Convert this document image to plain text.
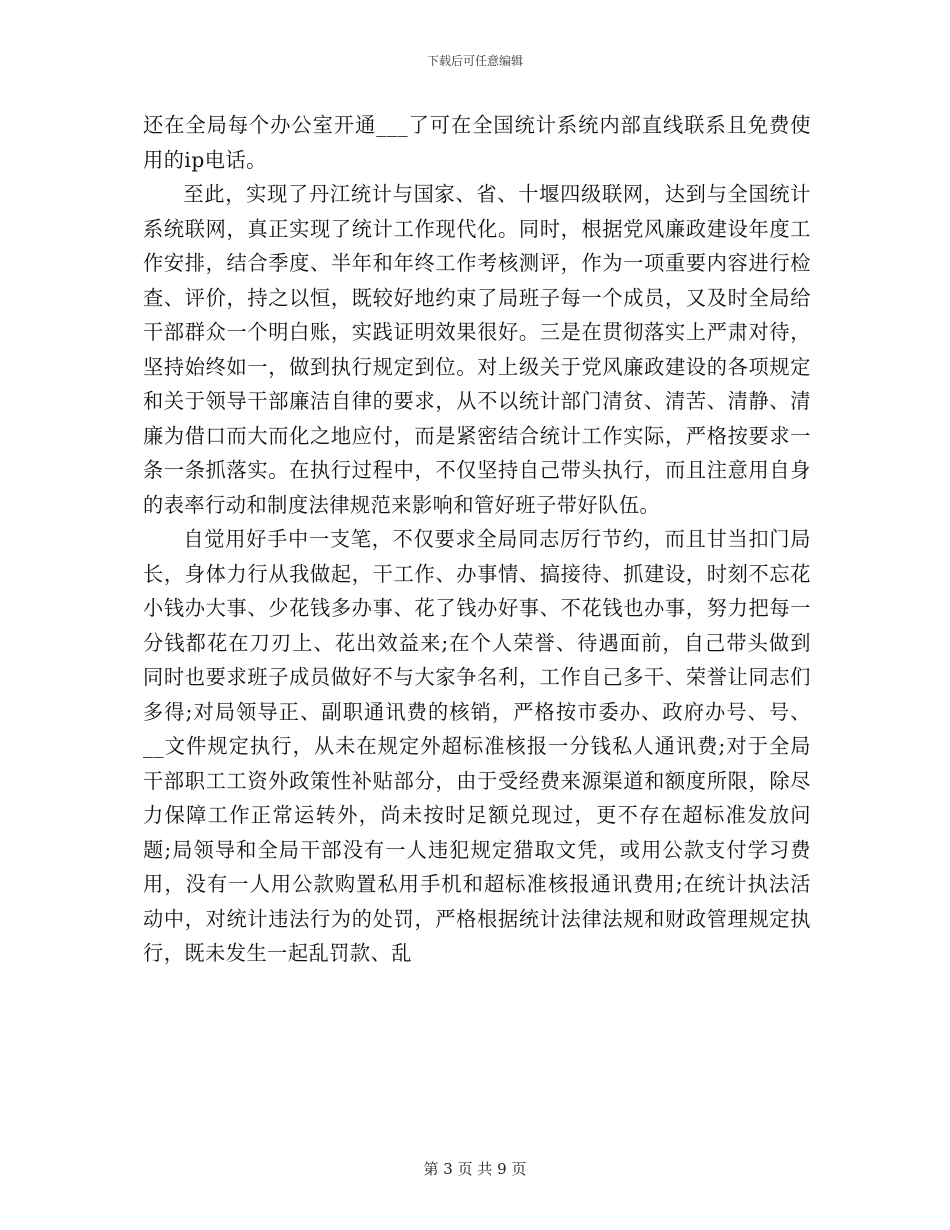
下载后可任意编辑

还在全局每个办公室开通___了可在全国统计系统内部直线联系且免费使用的ip电话。

至此，实现了丹江统计与国家、省、十堰四级联网，达到与全国统计系统联网，真正实现了统计工作现代化。同时，根据党风廉政建设年度工作安排，结合季度、半年和年终工作考核测评，作为一项重要内容进行检查、评价，持之以恒，既较好地约束了局班子每一个成员，又及时全局给干部群众一个明白账，实践证明效果很好。三是在贯彻落实上严肃对待，坚持始终如一，做到执行规定到位。对上级关于党风廉政建设的各项规定和关于领导干部廉洁自律的要求，从不以统计部门清贫、清苦、清静、清廉为借口而大而化之地应付，而是紧密结合统计工作实际，严格按要求一条一条抓落实。在执行过程中，不仅坚持自己带头执行，而且注意用自身的表率行动和制度法律规范来影响和管好班子带好队伍。

自觉用好手中一支笔，不仅要求全局同志厉行节约，而且甘当扣门局长，身体力行从我做起，干工作、办事情、搞接待、抓建设，时刻不忘花小钱办大事、少花钱多办事、花了钱办好事、不花钱也办事，努力把每一分钱都花在刀刃上、花出效益来;在个人荣誉、待遇面前，自己带头做到同时也要求班子成员做好不与大家争名利，工作自己多干、荣誉让同志们多得;对局领导正、副职通讯费的核销，严格按市委办、政府办号、号、__文件规定执行，从未在规定外超标准核报一分钱私人通讯费;对于全局干部职工工资外政策性补贴部分，由于受经费来源渠道和额度所限，除尽力保障工作正常运转外，尚未按时足额兑现过，更不存在超标准发放问题;局领导和全局干部没有一人违犯规定猎取文凭，或用公款支付学习费用，没有一人用公款购置私用手机和超标准核报通讯费用;在统计执法活动中，对统计违法行为的处罚，严格根据统计法律法规和财政管理规定执行，既未发生一起乱罚款、乱

第 3 页 共 9 页
